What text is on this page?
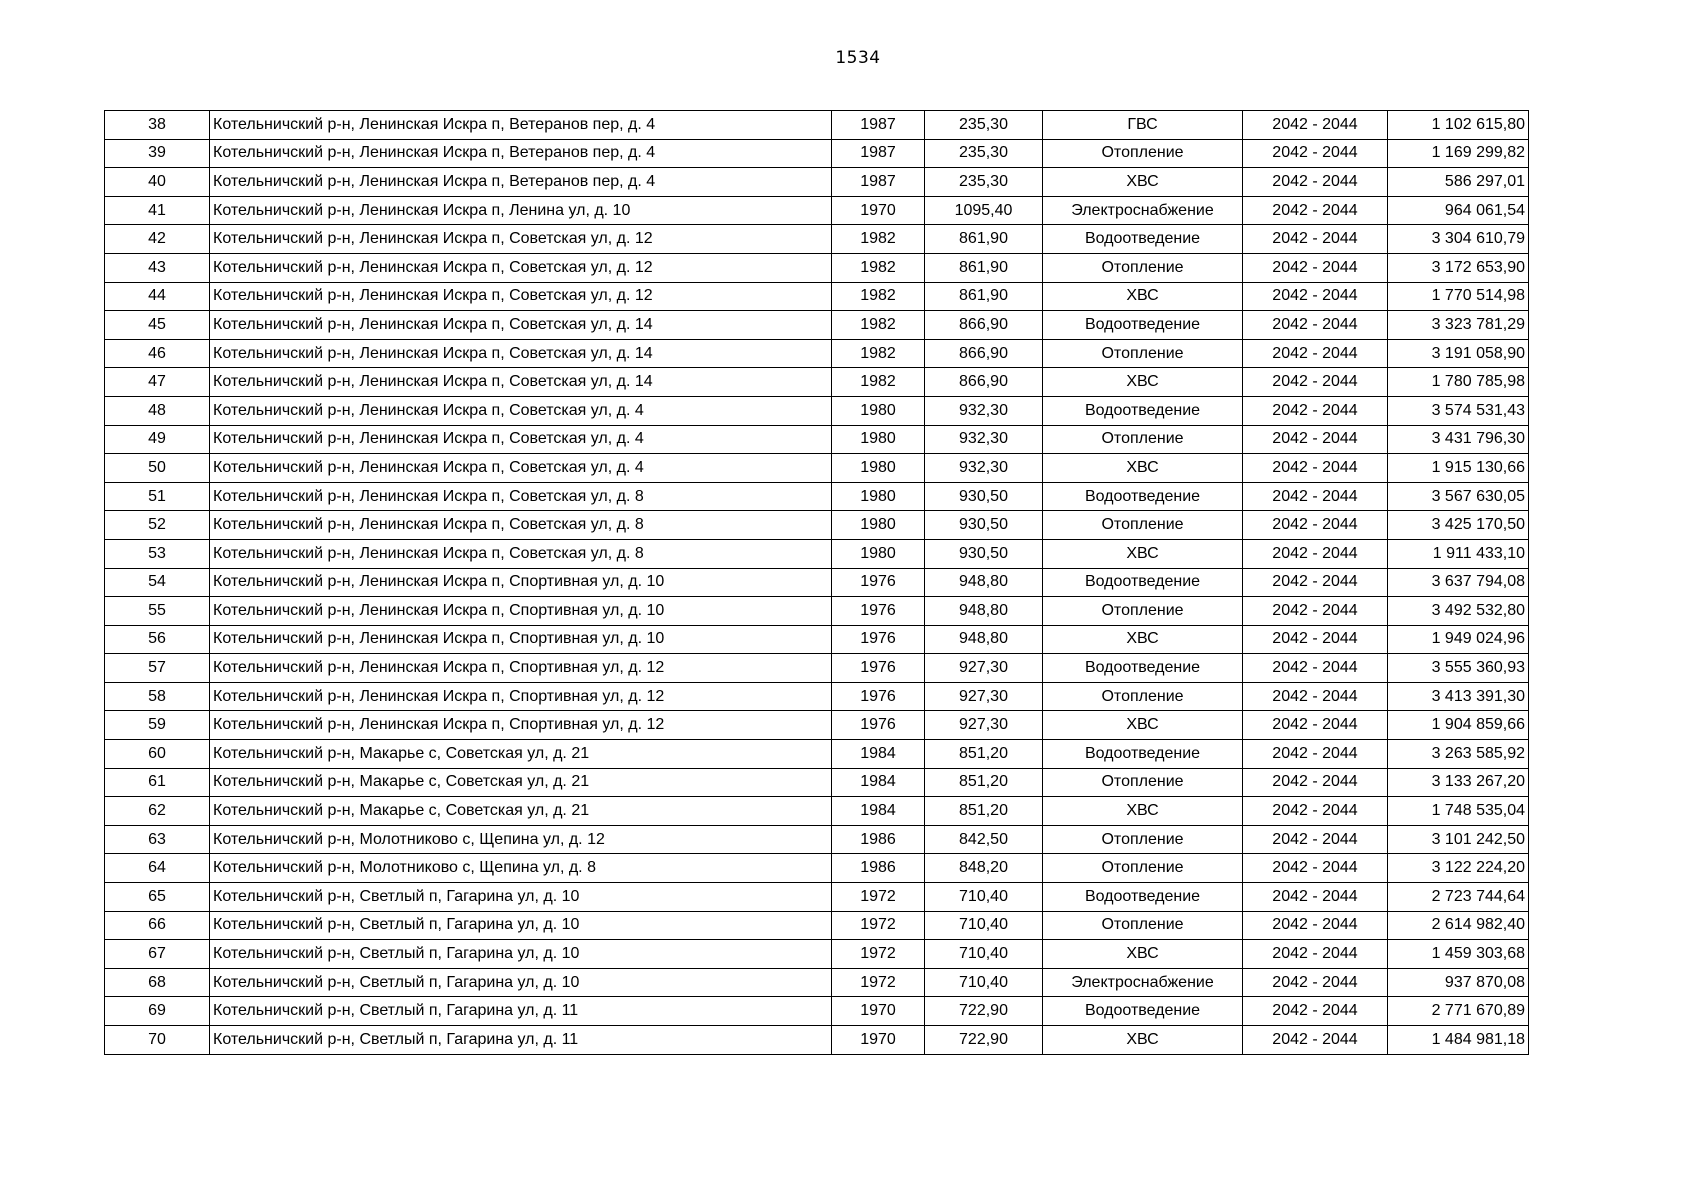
1534
38	Котельничский р-н, Ленинская Искра п, Ветеранов пер, д. 4	1987	235,30	ГВС	2042 - 2044	1 102 615,80
39	Котельничский р-н, Ленинская Искра п, Ветеранов пер, д. 4	1987	235,30	Отопление	2042 - 2044	1 169 299,82
40	Котельничский р-н, Ленинская Искра п, Ветеранов пер, д. 4	1987	235,30	ХВС	2042 - 2044	586 297,01
41	Котельничский р-н, Ленинская Искра п, Ленина ул, д. 10	1970	1095,40	Электроснабжение	2042 - 2044	964 061,54
42	Котельничский р-н, Ленинская Искра п, Советская ул, д. 12	1982	861,90	Водоотведение	2042 - 2044	3 304 610,79
43	Котельничский р-н, Ленинская Искра п, Советская ул, д. 12	1982	861,90	Отопление	2042 - 2044	3 172 653,90
44	Котельничский р-н, Ленинская Искра п, Советская ул, д. 12	1982	861,90	ХВС	2042 - 2044	1 770 514,98
45	Котельничский р-н, Ленинская Искра п, Советская ул, д. 14	1982	866,90	Водоотведение	2042 - 2044	3 323 781,29
46	Котельничский р-н, Ленинская Искра п, Советская ул, д. 14	1982	866,90	Отопление	2042 - 2044	3 191 058,90
47	Котельничский р-н, Ленинская Искра п, Советская ул, д. 14	1982	866,90	ХВС	2042 - 2044	1 780 785,98
48	Котельничский р-н, Ленинская Искра п, Советская ул, д. 4	1980	932,30	Водоотведение	2042 - 2044	3 574 531,43
49	Котельничский р-н, Ленинская Искра п, Советская ул, д. 4	1980	932,30	Отопление	2042 - 2044	3 431 796,30
50	Котельничский р-н, Ленинская Искра п, Советская ул, д. 4	1980	932,30	ХВС	2042 - 2044	1 915 130,66
51	Котельничский р-н, Ленинская Искра п, Советская ул, д. 8	1980	930,50	Водоотведение	2042 - 2044	3 567 630,05
52	Котельничский р-н, Ленинская Искра п, Советская ул, д. 8	1980	930,50	Отопление	2042 - 2044	3 425 170,50
53	Котельничский р-н, Ленинская Искра п, Советская ул, д. 8	1980	930,50	ХВС	2042 - 2044	1 911 433,10
54	Котельничский р-н, Ленинская Искра п, Спортивная ул, д. 10	1976	948,80	Водоотведение	2042 - 2044	3 637 794,08
55	Котельничский р-н, Ленинская Искра п, Спортивная ул, д. 10	1976	948,80	Отопление	2042 - 2044	3 492 532,80
56	Котельничский р-н, Ленинская Искра п, Спортивная ул, д. 10	1976	948,80	ХВС	2042 - 2044	1 949 024,96
57	Котельничский р-н, Ленинская Искра п, Спортивная ул, д. 12	1976	927,30	Водоотведение	2042 - 2044	3 555 360,93
58	Котельничский р-н, Ленинская Искра п, Спортивная ул, д. 12	1976	927,30	Отопление	2042 - 2044	3 413 391,30
59	Котельничский р-н, Ленинская Искра п, Спортивная ул, д. 12	1976	927,30	ХВС	2042 - 2044	1 904 859,66
60	Котельничский р-н, Макарье с, Советская ул, д. 21	1984	851,20	Водоотведение	2042 - 2044	3 263 585,92
61	Котельничский р-н, Макарье с, Советская ул, д. 21	1984	851,20	Отопление	2042 - 2044	3 133 267,20
62	Котельничский р-н, Макарье с, Советская ул, д. 21	1984	851,20	ХВС	2042 - 2044	1 748 535,04
63	Котельничский р-н, Молотниково с, Щепина ул, д. 12	1986	842,50	Отопление	2042 - 2044	3 101 242,50
64	Котельничский р-н, Молотниково с, Щепина ул, д. 8	1986	848,20	Отопление	2042 - 2044	3 122 224,20
65	Котельничский р-н, Светлый п, Гагарина ул, д. 10	1972	710,40	Водоотведение	2042 - 2044	2 723 744,64
66	Котельничский р-н, Светлый п, Гагарина ул, д. 10	1972	710,40	Отопление	2042 - 2044	2 614 982,40
67	Котельничский р-н, Светлый п, Гагарина ул, д. 10	1972	710,40	ХВС	2042 - 2044	1 459 303,68
68	Котельничский р-н, Светлый п, Гагарина ул, д. 10	1972	710,40	Электроснабжение	2042 - 2044	937 870,08
69	Котельничский р-н, Светлый п, Гагарина ул, д. 11	1970	722,90	Водоотведение	2042 - 2044	2 771 670,89
70	Котельничский р-н, Светлый п, Гагарина ул, д. 11	1970	722,90	ХВС	2042 - 2044	1 484 981,18
